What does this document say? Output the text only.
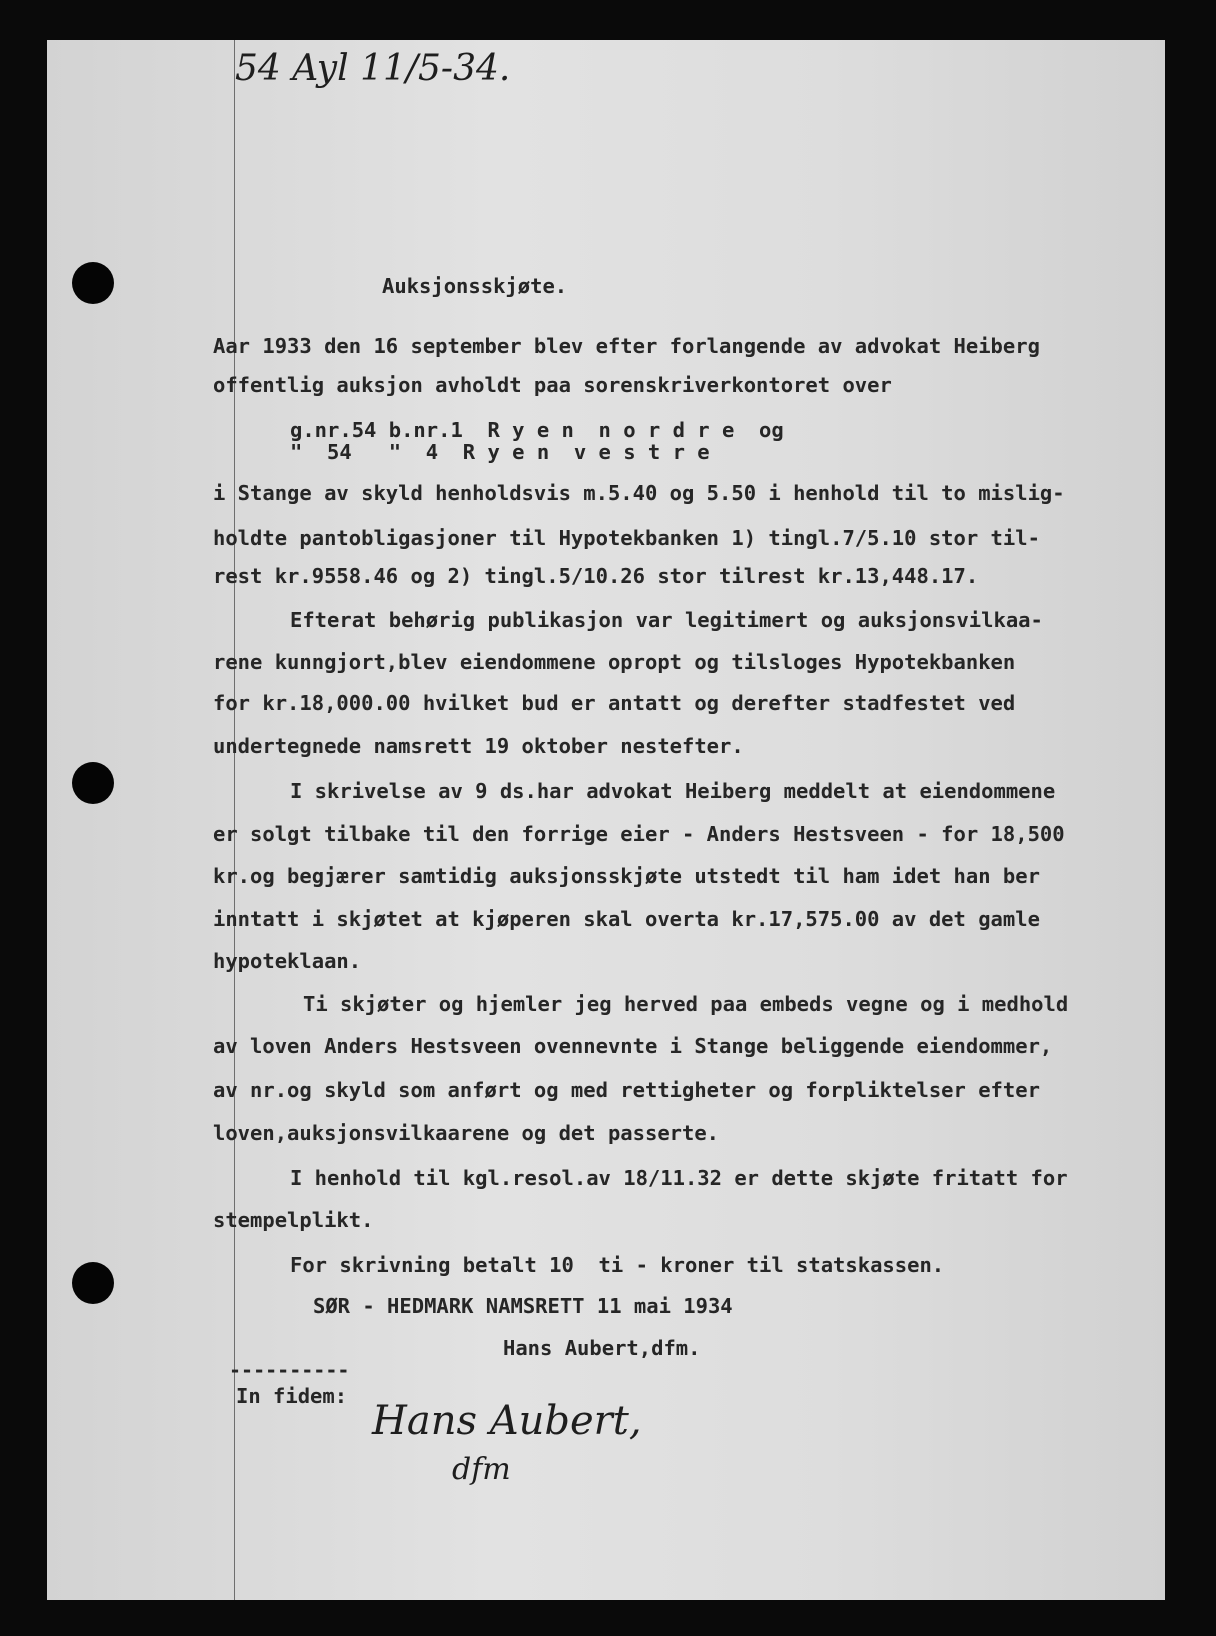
54 Ayl 11/5-34.
Auksjonsskjøte.
Aar 1933 den 16 september blev efter forlangende av advokat Heiberg
offentlig auksjon avholdt paa sorenskriverkontoret over
g.nr.54 b.nr.1  R y e n  n o r d r e  og
"  54   "  4  R y e n  v e s t r e
i Stange av skyld henholdsvis m.5.40 og 5.50 i henhold til to mislig-
holdte pantobligasjoner til Hypotekbanken 1) tingl.7/5.10 stor til-
rest kr.9558.46 og 2) tingl.5/10.26 stor tilrest kr.13,448.17.
Efterat behørig publikasjon var legitimert og auksjonsvilkaa-
rene kunngjort,blev eiendommene opropt og tilsloges Hypotekbanken
for kr.18,000.00 hvilket bud er antatt og derefter stadfestet ved
undertegnede namsrett 19 oktober nestefter.
I skrivelse av 9 ds.har advokat Heiberg meddelt at eiendommene
er solgt tilbake til den forrige eier - Anders Hestsveen - for 18,500
kr.og begjærer samtidig auksjonsskjøte utstedt til ham idet han ber
inntatt i skjøtet at kjøperen skal overta kr.17,575.00 av det gamle
hypoteklaan.
Ti skjøter og hjemler jeg herved paa embeds vegne og i medhold
av loven Anders Hestsveen ovennevnte i Stange beliggende eiendommer,
av nr.og skyld som anført og med rettigheter og forpliktelser efter
loven,auksjonsvilkaarene og det passerte.
I henhold til kgl.resol.av 18/11.32 er dette skjøte fritatt for
stempelplikt.
For skrivning betalt 10  ti - kroner til statskassen.
SØR - HEDMARK NAMSRETT 11 mai 1934
Hans Aubert,dfm.
----------
In fidem:
Hans Aubert,
dfm
